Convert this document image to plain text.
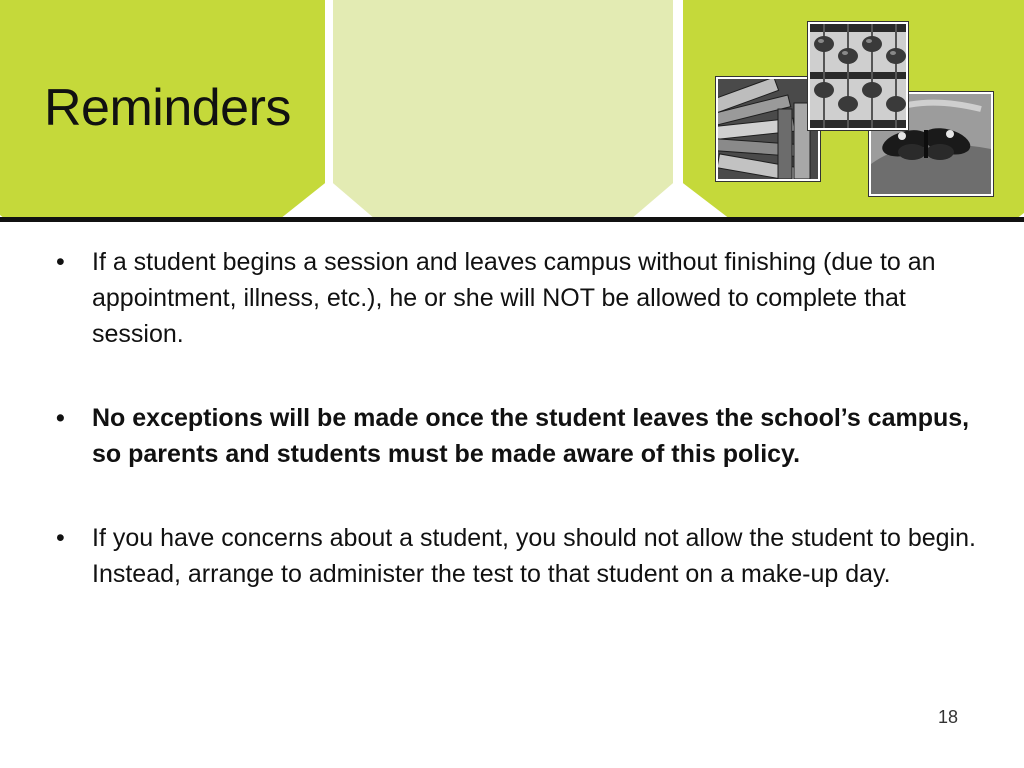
Reminders
• If a student begins a session and leaves campus without finishing (due to an appointment, illness, etc.), he or she will NOT be allowed to complete that session.
• No exceptions will be made once the student leaves the school’s campus, so parents and students must be made aware of this policy.
• If you have concerns about a student, you should not allow the student to begin. Instead, arrange to administer the test to that student on a make-up day.
18
